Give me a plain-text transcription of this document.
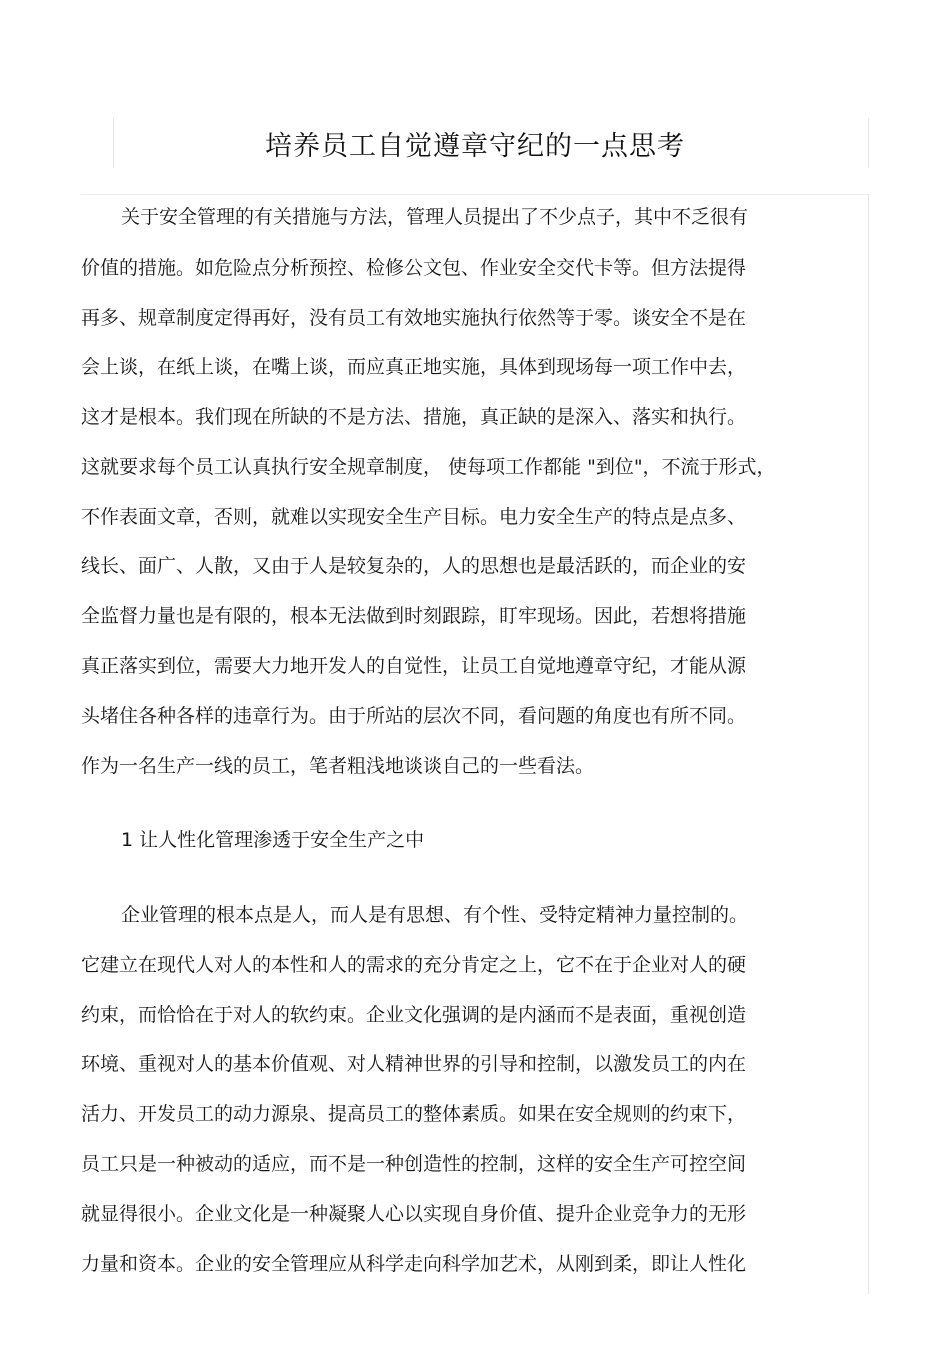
培养员工自觉遵章守纪的一点思考
关于安全管理的有关措施与方法，管理人员提出了不少点子，其中不乏很有
价值的措施。如危险点分析预控、检修公文包、作业安全交代卡等。但方法提得
再多、规章制度定得再好，没有员工有效地实施执行依然等于零。谈安全不是在
会上谈，在纸上谈，在嘴上谈，而应真正地实施，具体到现场每一项工作中去，
这才是根本。我们现在所缺的不是方法、措施，真正缺的是深入、落实和执行。
这就要求每个员工认真执行安全规章制度， 使每项工作都能 "到位"，不流于形式，
不作表面文章，否则，就难以实现安全生产目标。电力安全生产的特点是点多、
线长、面广、人散，又由于人是较复杂的，人的思想也是最活跃的，而企业的安
全监督力量也是有限的，根本无法做到时刻跟踪，盯牢现场。因此，若想将措施
真正落实到位，需要大力地开发人的自觉性，让员工自觉地遵章守纪，才能从源
头堵住各种各样的违章行为。由于所站的层次不同，看问题的角度也有所不同。
作为一名生产一线的员工，笔者粗浅地谈谈自己的一些看法。
1 让人性化管理渗透于安全生产之中
企业管理的根本点是人，而人是有思想、有个性、受特定精神力量控制的。
它建立在现代人对人的本性和人的需求的充分肯定之上，它不在于企业对人的硬
约束，而恰恰在于对人的软约束。企业文化强调的是内涵而不是表面，重视创造
环境、重视对人的基本价值观、对人精神世界的引导和控制，以激发员工的内在
活力、开发员工的动力源泉、提高员工的整体素质。如果在安全规则的约束下，
员工只是一种被动的适应，而不是一种创造性的控制，这样的安全生产可控空间
就显得很小。企业文化是一种凝聚人心以实现自身价值、提升企业竞争力的无形
力量和资本。企业的安全管理应从科学走向科学加艺术，从刚到柔，即让人性化
